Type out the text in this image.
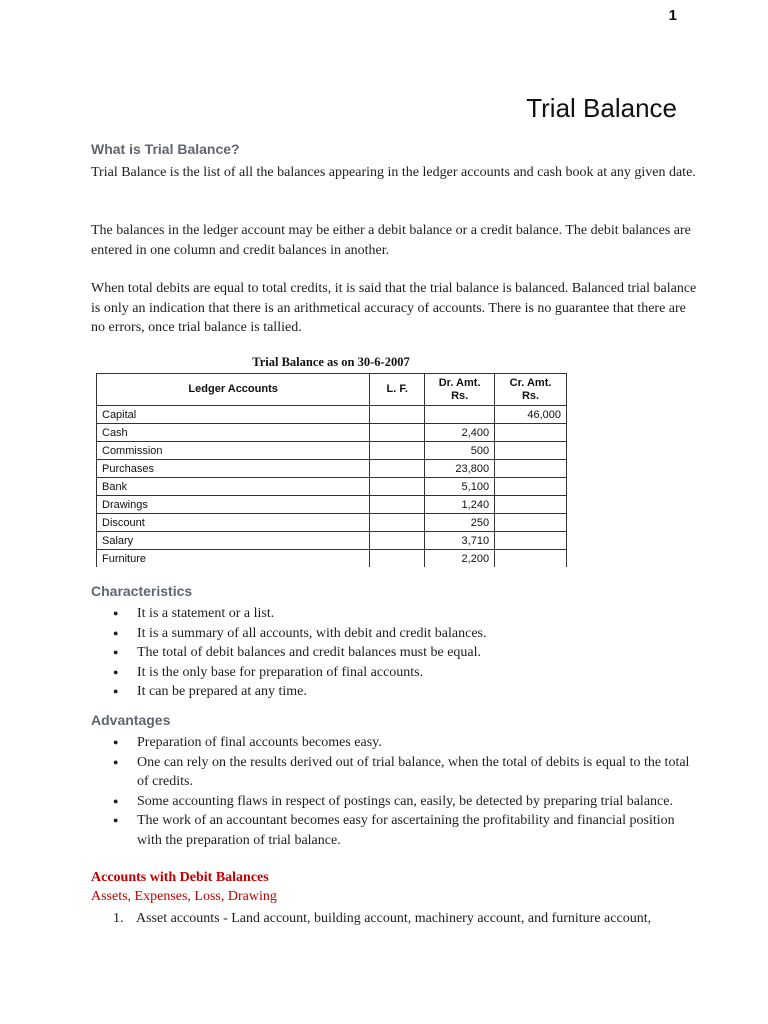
1
Trial Balance
What is Trial Balance?

Trial Balance is the list of all the balances appearing in the ledger accounts and cash book at any given date.

The balances in the ledger account may be either a debit balance or a credit balance. The debit balances are entered in one column and credit balances in another.

When total debits are equal to total credits, it is said that the trial balance is balanced. Balanced trial balance is only an indication that there is an arithmetical accuracy of accounts. There is no guarantee that there are no errors, once trial balance is tallied.

Trial Balance as on 30-6-2007
Ledger Accounts	L. F.	Dr. Amt. Rs.	Cr. Amt. Rs.
Capital			46,000
Cash		2,400	
Commission		500	
Purchases		23,800	
Bank		5,100	
Drawings		1,240	
Discount		250	
Salary		3,710	
Furniture		2,200	
Characteristics
● It is a statement or a list.
● It is a summary of all accounts, with debit and credit balances.
● The total of debit balances and credit balances must be equal.
● It is the only base for preparation of final accounts.
● It can be prepared at any time.
Advantages
● Preparation of final accounts becomes easy.
● One can rely on the results derived out of trial balance, when the total of debits is equal to the total of credits.
● Some accounting flaws in respect of postings can, easily, be detected by preparing trial balance.
● The work of an accountant becomes easy for ascertaining the profitability and financial position with the preparation of trial balance.
Accounts with Debit Balances
Assets, Expenses, Loss, Drawing
1. Asset accounts - Land account, building account, machinery account, and furniture account,
